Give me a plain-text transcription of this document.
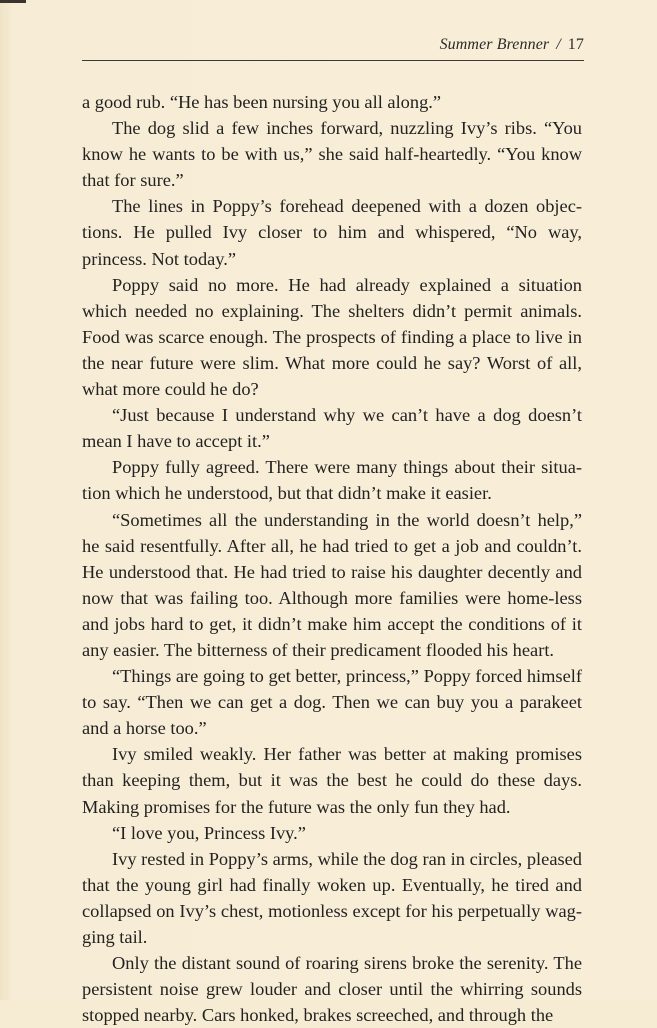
Summer Brenner / 17

a good rub. “He has been nursing you all along.”

The dog slid a few inches forward, nuzzling Ivy’s ribs. “You know he wants to be with us,” she said half-heartedly. “You know that for sure.”

The lines in Poppy’s forehead deepened with a dozen objec-tions. He pulled Ivy closer to him and whispered, “No way, princess. Not today.”

Poppy said no more. He had already explained a situation which needed no explaining. The shelters didn’t permit animals. Food was scarce enough. The prospects of finding a place to live in the near future were slim. What more could he say? Worst of all, what more could he do?

“Just because I understand why we can’t have a dog doesn’t mean I have to accept it.”

Poppy fully agreed. There were many things about their situa-tion which he understood, but that didn’t make it easier.

“Sometimes all the understanding in the world doesn’t help,” he said resentfully. After all, he had tried to get a job and couldn’t. He understood that. He had tried to raise his daughter decently and now that was failing too. Although more families were home-less and jobs hard to get, it didn’t make him accept the conditions of it any easier. The bitterness of their predicament flooded his heart.

“Things are going to get better, princess,” Poppy forced himself to say. “Then we can get a dog. Then we can buy you a parakeet and a horse too.”

Ivy smiled weakly. Her father was better at making promises than keeping them, but it was the best he could do these days. Making promises for the future was the only fun they had.

“I love you, Princess Ivy.”

Ivy rested in Poppy’s arms, while the dog ran in circles, pleased that the young girl had finally woken up. Eventually, he tired and collapsed on Ivy’s chest, motionless except for his perpetually wag-ging tail.

Only the distant sound of roaring sirens broke the serenity. The persistent noise grew louder and closer until the whirring sounds stopped nearby. Cars honked, brakes screeched, and through the
